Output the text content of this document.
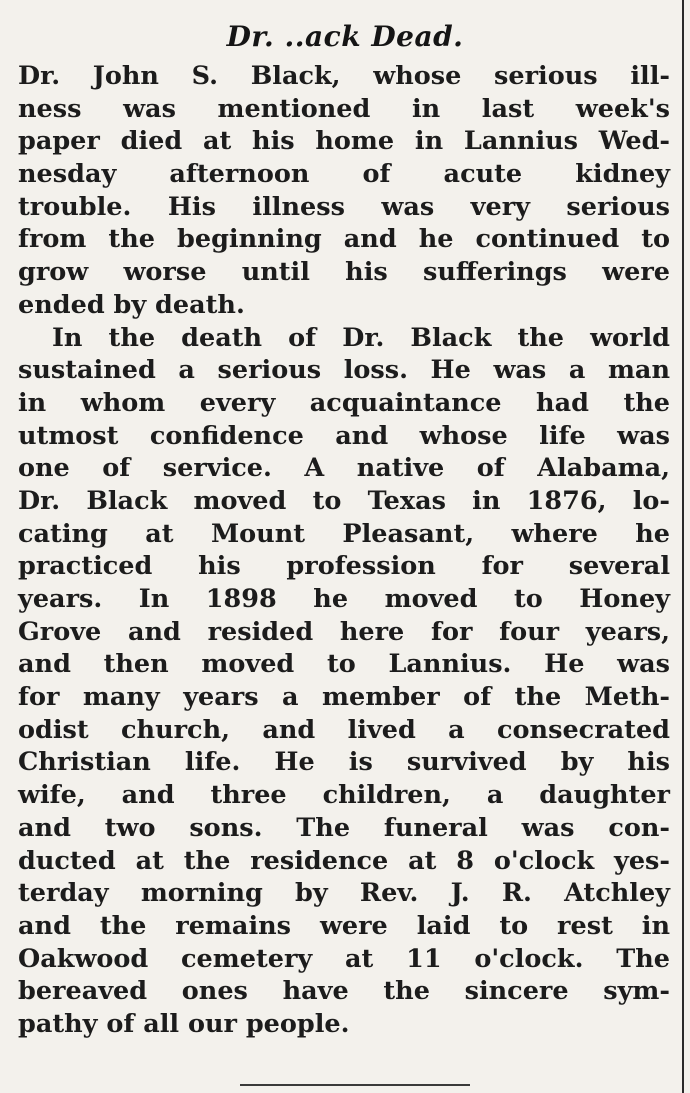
Dr. ..ack Dead.
Dr. John S. Black, whose serious ill-
ness was mentioned in last week's
paper died at his home in Lannius Wed-
nesday afternoon of acute kidney
trouble. His illness was very serious
from the beginning and he continued to
grow worse until his sufferings were
ended by death.
In the death of Dr. Black the world
sustained a serious loss. He was a man
in whom every acquaintance had the
utmost confidence and whose life was
one of service. A native of Alabama,
Dr. Black moved to Texas in 1876, lo-
cating at Mount Pleasant, where he
practiced his profession for several
years. In 1898 he moved to Honey
Grove and resided here for four years,
and then moved to Lannius. He was
for many years a member of the Meth-
odist church, and lived a consecrated
Christian life. He is survived by his
wife, and three children, a daughter
and two sons. The funeral was con-
ducted at the residence at 8 o'clock yes-
terday morning by Rev. J. R. Atchley
and the remains were laid to rest in
Oakwood cemetery at 11 o'clock. The
bereaved ones have the sincere sym-
pathy of all our people.
